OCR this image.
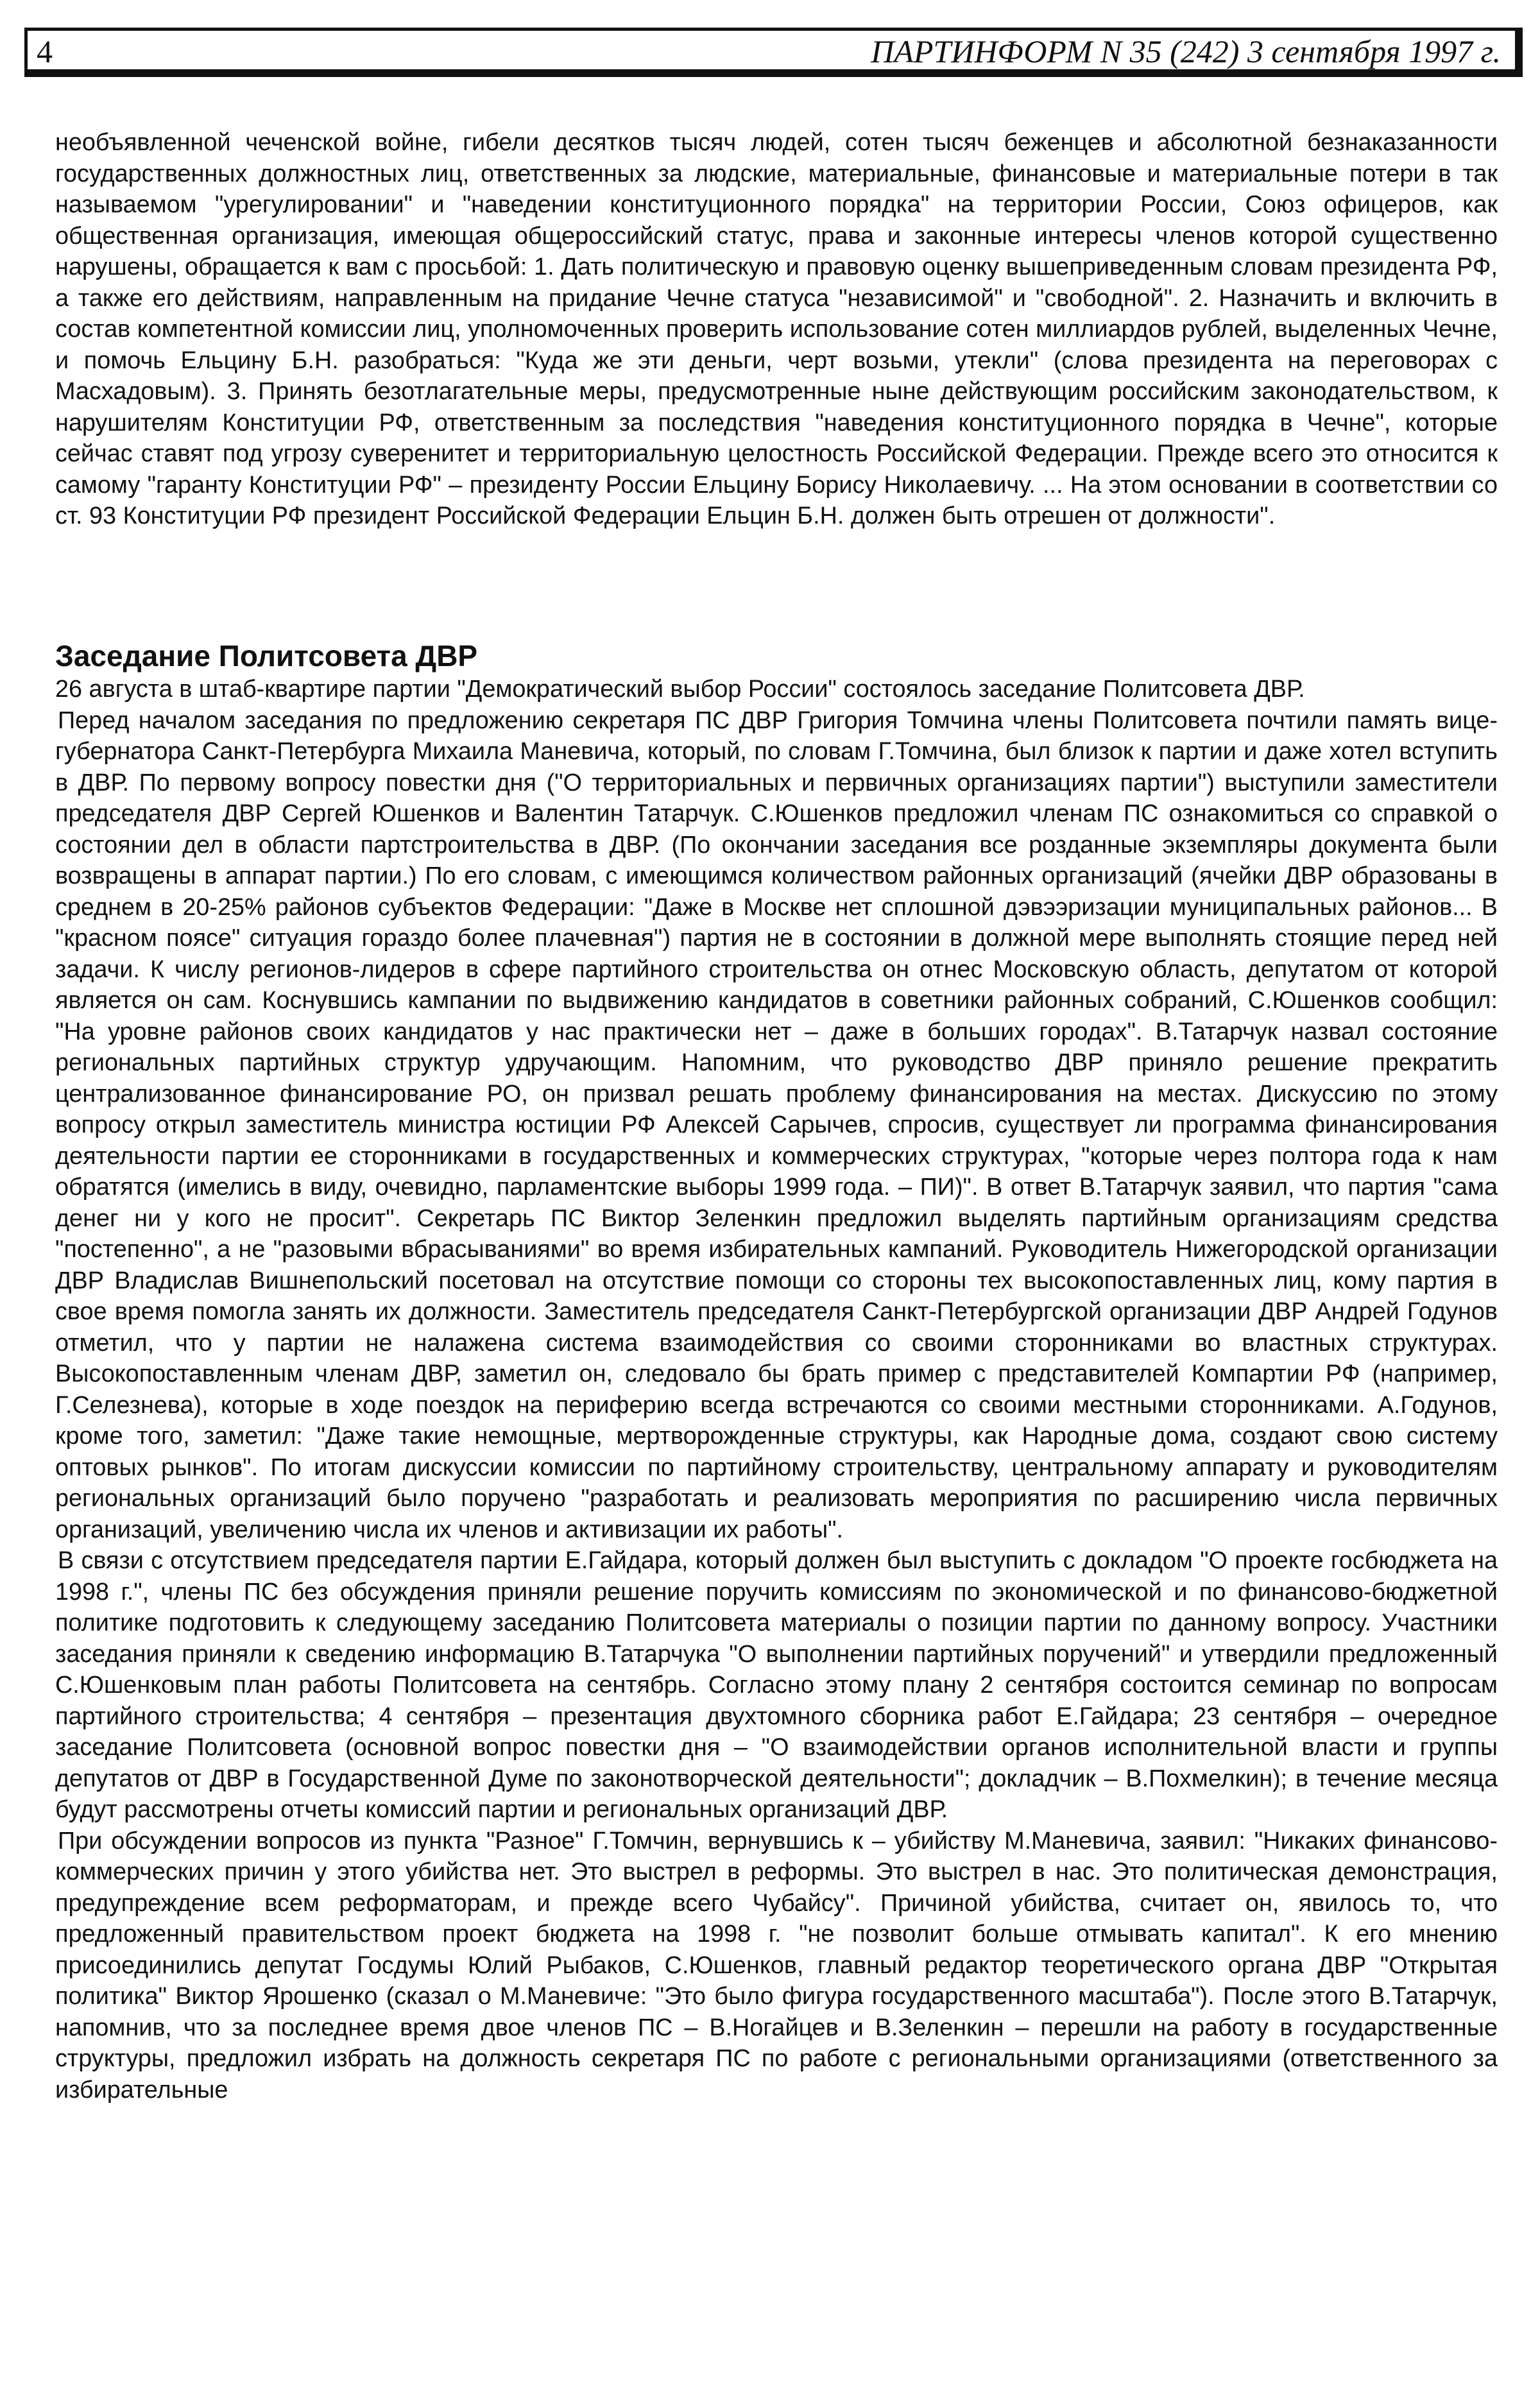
4	ПАРТИНФОРМ N 35 (242) 3 сентября 1997 г.

необъявленной чеченской войне, гибели десятков тысяч людей, сотен тысяч беженцев и абсолютной безнаказанности государственных должностных лиц, ответственных за людские, материальные, финансовые и материальные потери в так называемом "урегулировании" и "наведении конституционного порядка" на территории России, Союз офицеров, как общественная организация, имеющая общероссийский статус, права и законные интересы членов которой существенно нарушены, обращается к вам с просьбой: 1. Дать политическую и правовую оценку вышеприведенным словам президента РФ, а также его действиям, направленным на придание Чечне статуса "независимой" и "свободной". 2. Назначить и включить в состав компетентной комиссии лиц, уполномоченных проверить использование сотен миллиардов рублей, выделенных Чечне, и помочь Ельцину Б.Н. разобраться: "Куда же эти деньги, черт возьми, утекли" (слова президента на переговорах с Масхадовым). 3. Принять безотлагательные меры, предусмотренные ныне действующим российским законодательством, к нарушителям Конституции РФ, ответственным за последствия "наведения конституционного порядка в Чечне", которые сейчас ставят под угрозу суверенитет и территориальную целостность Российской Федерации. Прежде всего это относится к самому "гаранту Конституции РФ" – президенту России Ельцину Борису Николаевичу. ... На этом основании в соответствии со ст. 93 Конституции РФ президент Российской Федерации Ельцин Б.Н. должен быть отрешен от должности".

Заседание Политсовета ДВР

26 августа в штаб-квартире партии "Демократический выбор России" состоялось заседание Политсовета ДВР.

Перед началом заседания по предложению секретаря ПС ДВР Григория Томчина члены Политсовета почтили память вице-губернатора Санкт-Петербурга Михаила Маневича, который, по словам Г.Томчина, был близок к партии и даже хотел вступить в ДВР. По первому вопросу повестки дня ("О территориальных и первичных организациях партии") выступили заместители председателя ДВР Сергей Юшенков и Валентин Татарчук. С.Юшенков предложил членам ПС ознакомиться со справкой о состоянии дел в области партстроительства в ДВР. (По окончании заседания все розданные экземпляры документа были возвращены в аппарат партии.) По его словам, с имеющимся количеством районных организаций (ячейки ДВР образованы в среднем в 20-25% районов субъектов Федерации: "Даже в Москве нет сплошной дэвээризации муниципальных районов... В "красном поясе" ситуация гораздо более плачевная") партия не в состоянии в должной мере выполнять стоящие перед ней задачи. К числу регионов-лидеров в сфере партийного строительства он отнес Московскую область, депутатом от которой является он сам. Коснувшись кампании по выдвижению кандидатов в советники районных собраний, С.Юшенков сообщил: "На уровне районов своих кандидатов у нас практически нет – даже в больших городах". В.Татарчук назвал состояние региональных партийных структур удручающим. Напомним, что руководство ДВР приняло решение прекратить централизованное финансирование РО, он призвал решать проблему финансирования на местах. Дискуссию по этому вопросу открыл заместитель министра юстиции РФ Алексей Сарычев, спросив, существует ли программа финансирования деятельности партии ее сторонниками в государственных и коммерческих структурах, "которые через полтора года к нам обратятся (имелись в виду, очевидно, парламентские выборы 1999 года. – ПИ)". В ответ В.Татарчук заявил, что партия "сама денег ни у кого не просит". Секретарь ПС Виктор Зеленкин предложил выделять партийным организациям средства "постепенно", а не "разовыми вбрасываниями" во время избирательных кампаний. Руководитель Нижегородской организации ДВР Владислав Вишнепольский посетовал на отсутствие помощи со стороны тех высокопоставленных лиц, кому партия в свое время помогла занять их должности. Заместитель председателя Санкт-Петербургской организации ДВР Андрей Годунов отметил, что у партии не налажена система взаимодействия со своими сторонниками во властных структурах. Высокопоставленным членам ДВР, заметил он, следовало бы брать пример с представителей Компартии РФ (например, Г.Селезнева), которые в ходе поездок на периферию всегда встречаются со своими местными сторонниками. А.Годунов, кроме того, заметил: "Даже такие немощные, мертворожденные структуры, как Народные дома, создают свою систему оптовых рынков". По итогам дискуссии комиссии по партийному строительству, центральному аппарату и руководителям региональных организаций было поручено "разработать и реализовать мероприятия по расширению числа первичных организаций, увеличению числа их членов и активизации их работы".

В связи с отсутствием председателя партии Е.Гайдара, который должен был выступить с докладом "О проекте госбюджета на 1998 г.", члены ПС без обсуждения приняли решение поручить комиссиям по экономической и по финансово-бюджетной политике подготовить к следующему заседанию Политсовета материалы о позиции партии по данному вопросу. Участники заседания приняли к сведению информацию В.Татарчука "О выполнении партийных поручений" и утвердили предложенный С.Юшенковым план работы Политсовета на сентябрь. Согласно этому плану 2 сентября состоится семинар по вопросам партийного строительства; 4 сентября – презентация двухтомного сборника работ Е.Гайдара; 23 сентября – очередное заседание Политсовета (основной вопрос повестки дня – "О взаимодействии органов исполнительной власти и группы депутатов от ДВР в Государственной Думе по законотворческой деятельности"; докладчик – В.Похмелкин); в течение месяца будут рассмотрены отчеты комиссий партии и региональных организаций ДВР.

При обсуждении вопросов из пункта "Разное" Г.Томчин, вернувшись к – убийству М.Маневича, заявил: "Никаких финансово-коммерческих причин у этого убийства нет. Это выстрел в реформы. Это выстрел в нас. Это политическая демонстрация, предупреждение всем реформаторам, и прежде всего Чубайсу". Причиной убийства, считает он, явилось то, что предложенный правительством проект бюджета на 1998 г. "не позволит больше отмывать капитал". К его мнению присоединились депутат Госдумы Юлий Рыбаков, С.Юшенков, главный редактор теоретического органа ДВР "Открытая политика" Виктор Ярошенко (сказал о М.Маневиче: "Это было фигура государственного масштаба"). После этого В.Татарчук, напомнив, что за последнее время двое членов ПС – В.Ногайцев и В.Зеленкин – перешли на работу в государственные структуры, предложил избрать на должность секретаря ПС по работе с региональными организациями (ответственного за избирательные
